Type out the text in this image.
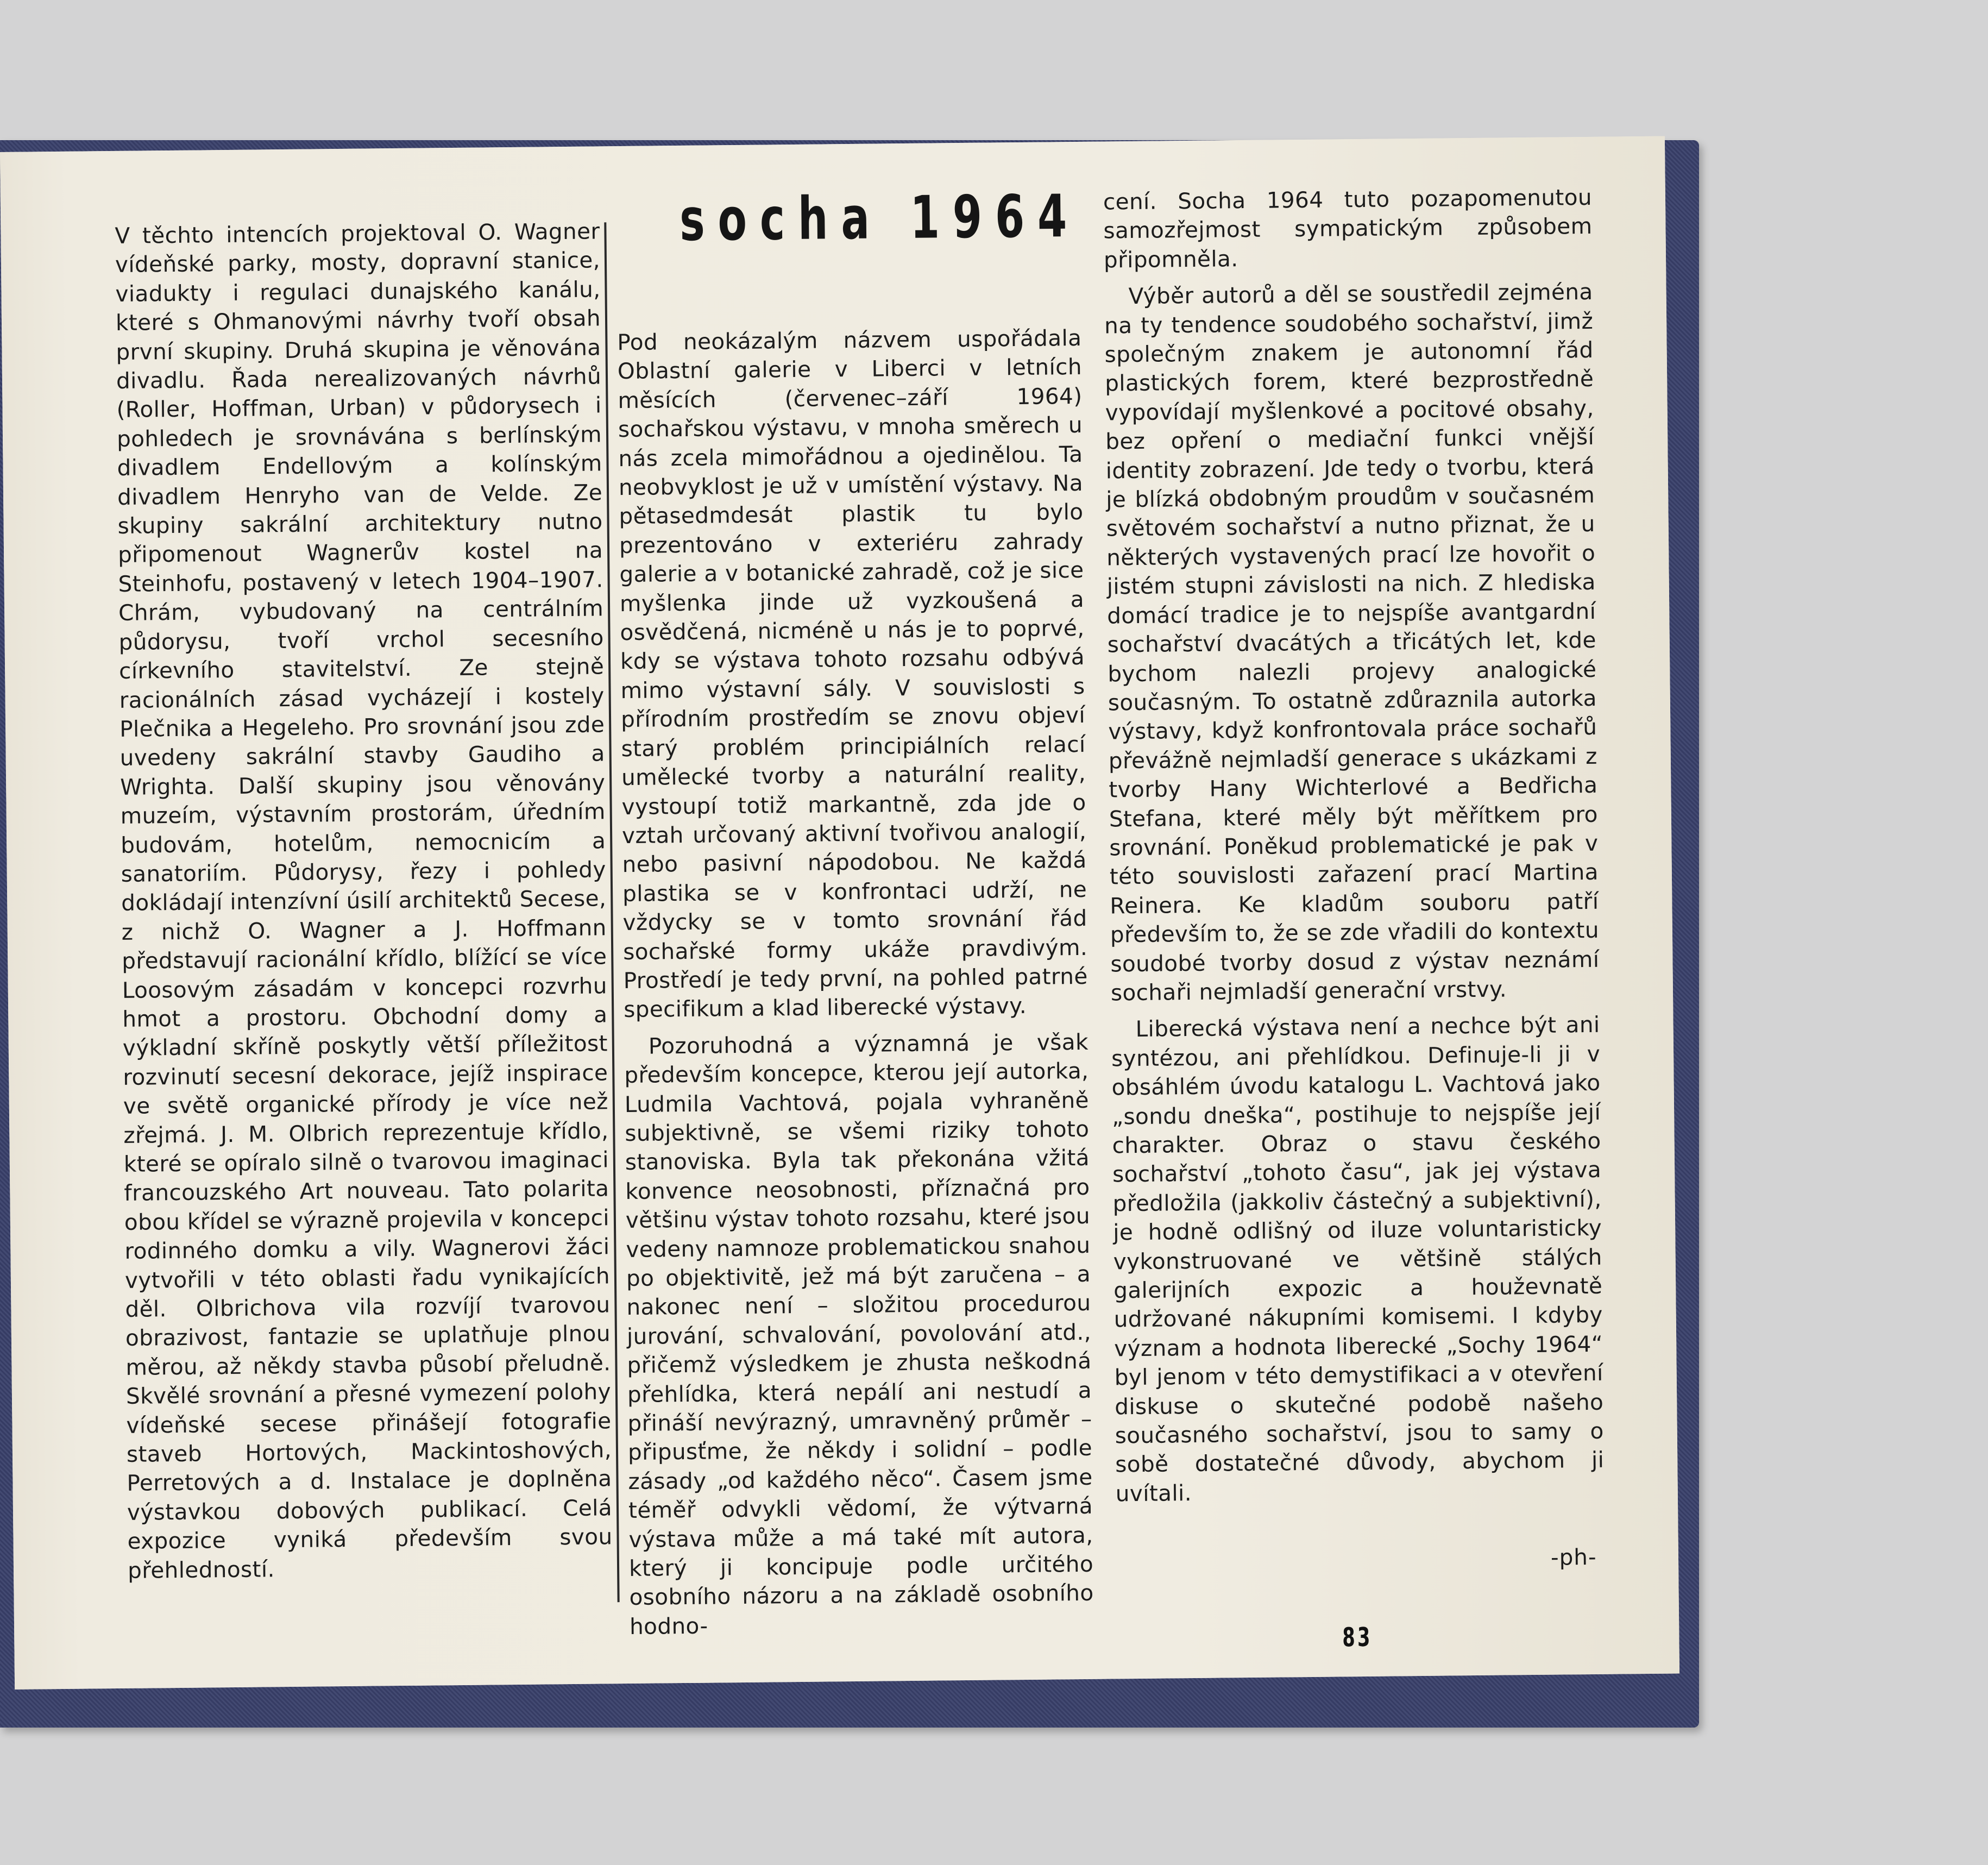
V těchto intencích projektoval O. Wagner vídeňské parky, mosty, dopravní stanice, viadukty i regulaci dunajského kanálu, které s Ohmanovými návrhy tvoří obsah první skupiny. Druhá skupina je věnována divadlu. Řada nerealizovaných návrhů (Roller, Hoffman, Urban) v půdorysech i pohledech je srovnávána s berlínským divadlem Endellovým a kolínským divadlem Henryho van de Velde. Ze skupiny sakrální architektury nutno připomenout Wagnerův kostel na Steinhofu, postavený v letech 1904–1907. Chrám, vybudovaný na centrálním půdorysu, tvoří vrchol secesního církevního stavitelství. Ze stejně racionálních zásad vycházejí i kostely Plečnika a Hegeleho. Pro srovnání jsou zde uvedeny sakrální stavby Gaudiho a Wrighta. Další skupiny jsou věnovány muzeím, výstavním prostorám, úředním budovám, hotelům, nemocnicím a sanatoriím. Půdorysy, řezy i pohledy dokládají intenzívní úsilí architektů Secese, z nichž O. Wagner a J. Hoffmann představují racionální křídlo, blížící se více Loosovým zásadám v koncepci rozvrhu hmot a prostoru. Obchodní domy a výkladní skříně poskytly větší příležitost rozvinutí secesní dekorace, jejíž inspirace ve světě organické přírody je více než zřejmá. J. M. Olbrich reprezentuje křídlo, které se opíralo silně o tvarovou imaginaci francouzského Art nouveau. Tato polarita obou křídel se výrazně projevila v koncepci rodinného domku a vily. Wagnerovi žáci vytvořili v této oblasti řadu vynikajících děl. Olbrichova vila rozvíjí tvarovou obrazivost, fantazie se uplatňuje plnou měrou, až někdy stavba působí přeludně. Skvělé srovnání a přesné vymezení polohy vídeňské secese přinášejí fotografie staveb Hortových, Mackintoshových, Perretových a d. Instalace je doplněna výstavkou dobových publikací. Celá expozice vyniká především svou přehledností.

socha 1964

Pod neokázalým názvem uspořádala Oblastní galerie v Liberci v letních měsících (červenec–září 1964) sochařskou výstavu, v mnoha směrech u nás zcela mimořádnou a ojedinělou. Ta neobvyklost je už v umístění výstavy. Na pětasedmdesát plastik tu bylo prezentováno v exteriéru zahrady galerie a v botanické zahradě, což je sice myšlenka jinde už vyzkoušená a osvědčená, nicméně u nás je to poprvé, kdy se výstava tohoto rozsahu odbývá mimo výstavní sály. V souvislosti s přírodním prostředím se znovu objeví starý problém principiálních relací umělecké tvorby a naturální reality, vystoupí totiž markantně, zda jde o vztah určovaný aktivní tvořivou analogií, nebo pasivní nápodobou. Ne každá plastika se v konfrontaci udrží, ne vždycky se v tomto srovnání řád sochařské formy ukáže pravdivým. Prostředí je tedy první, na pohled patrné specifikum a klad liberecké výstavy.

Pozoruhodná a významná je však především koncepce, kterou její autorka, Ludmila Vachtová, pojala vyhraněně subjektivně, se všemi riziky tohoto stanoviska. Byla tak překonána vžitá konvence neosobnosti, příznačná pro většinu výstav tohoto rozsahu, které jsou vedeny namnoze problematickou snahou po objektivitě, jež má být zaručena – a nakonec není – složitou procedurou jurování, schvalování, povolování atd., přičemž výsledkem je zhusta neškodná přehlídka, která nepálí ani nestudí a přináší nevýrazný, umravněný průměr – připusťme, že někdy i solidní – podle zásady „od každého něco“. Časem jsme téměř odvykli vědomí, že výtvarná výstava může a má také mít autora, který ji koncipuje podle určitého osobního názoru a na základě osobního hodno-

cení. Socha 1964 tuto pozapomenutou samozřejmost sympatickým způsobem připomněla.

Výběr autorů a děl se soustředil zejména na ty tendence soudobého sochařství, jimž společným znakem je autonomní řád plastických forem, které bezprostředně vypovídají myšlenkové a pocitové obsahy, bez opření o mediační funkci vnější identity zobrazení. Jde tedy o tvorbu, která je blízká obdobným proudům v současném světovém sochařství a nutno přiznat, že u některých vystavených prací lze hovořit o jistém stupni závislosti na nich. Z hlediska domácí tradice je to nejspíše avantgardní sochařství dvacátých a třicátých let, kde bychom nalezli projevy analogické současným. To ostatně zdůraznila autorka výstavy, když konfrontovala práce sochařů převážně nejmladší generace s ukázkami z tvorby Hany Wichterlové a Bedřicha Stefana, které měly být měřítkem pro srovnání. Poněkud problematické je pak v této souvislosti zařazení prací Martina Reinera. Ke kladům souboru patří především to, že se zde vřadili do kontextu soudobé tvorby dosud z výstav neznámí sochaři nejmladší generační vrstvy.

Liberecká výstava není a nechce být ani syntézou, ani přehlídkou. Definuje-li ji v obsáhlém úvodu katalogu L. Vachtová jako „sondu dneška“, postihuje to nejspíše její charakter. Obraz o stavu českého sochařství „tohoto času“, jak jej výstava předložila (jakkoliv částečný a subjektivní), je hodně odlišný od iluze voluntaristicky vykonstruované ve většině stálých galerijních expozic a houževnatě udržované nákupními komisemi. I kdyby význam a hodnota liberecké „Sochy 1964“ byl jenom v této demystifikaci a v otevření diskuse o skutečné podobě našeho současného sochařství, jsou to samy o sobě dostatečné důvody, abychom ji uvítali.

-ph-
83
